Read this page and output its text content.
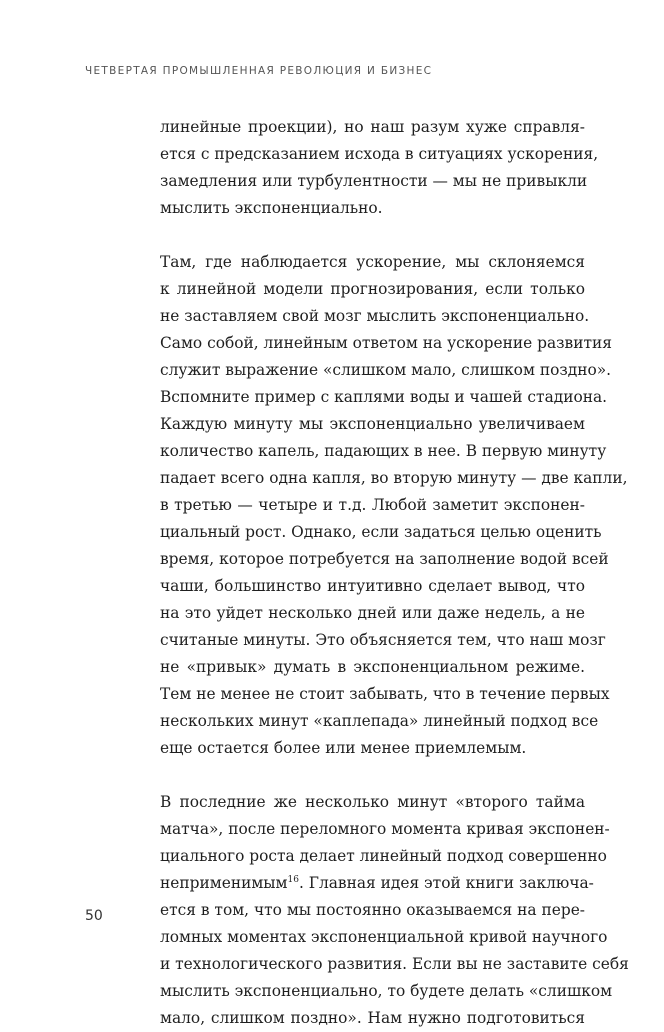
ЧЕТВЕРТАЯ ПРОМЫШЛЕННАЯ РЕВОЛЮЦИЯ И БИЗНЕС
линейные проекции), но наш разум хуже справля-
ется с предсказанием исхода в ситуациях ускорения,
замедления или турбулентности — мы не привыкли
мыслить экспоненциально.
Там, где наблюдается ускорение, мы склоняемся
к линейной модели прогнозирования, если только
не заставляем свой мозг мыслить экспоненциально.
Само собой, линейным ответом на ускорение развития
служит выражение «слишком мало, слишком поздно».
Вспомните пример с каплями воды и чашей стадиона.
Каждую минуту мы экспоненциально увеличиваем
количество капель, падающих в нее. В первую минуту
падает всего одна капля, во вторую минуту — две капли,
в третью — четыре и т.д. Любой заметит экспонен-
циальный рост. Однако, если задаться целью оценить
время, которое потребуется на заполнение водой всей
чаши, большинство интуитивно сделает вывод, что
на это уйдет несколько дней или даже недель, а не
считаные минуты. Это объясняется тем, что наш мозг
не «привык» думать в экспоненциальном режиме.
Тем не менее не стоит забывать, что в течение первых
нескольких минут «каплепада» линейный подход все
еще остается более или менее приемлемым.
В последние же несколько минут «второго тайма
матча», после переломного момента кривая экспонен-
циального роста делает линейный подход совершенно
неприменимым$^{16}$. Главная идея этой книги заключа-
ется в том, что мы постоянно оказываемся на пере-
ломных моментах экспоненциальной кривой научного
и технологического развития. Если вы не заставите себя
мыслить экспоненциально, то будете делать «слишком
мало, слишком поздно». Нам нужно подготовиться
50
